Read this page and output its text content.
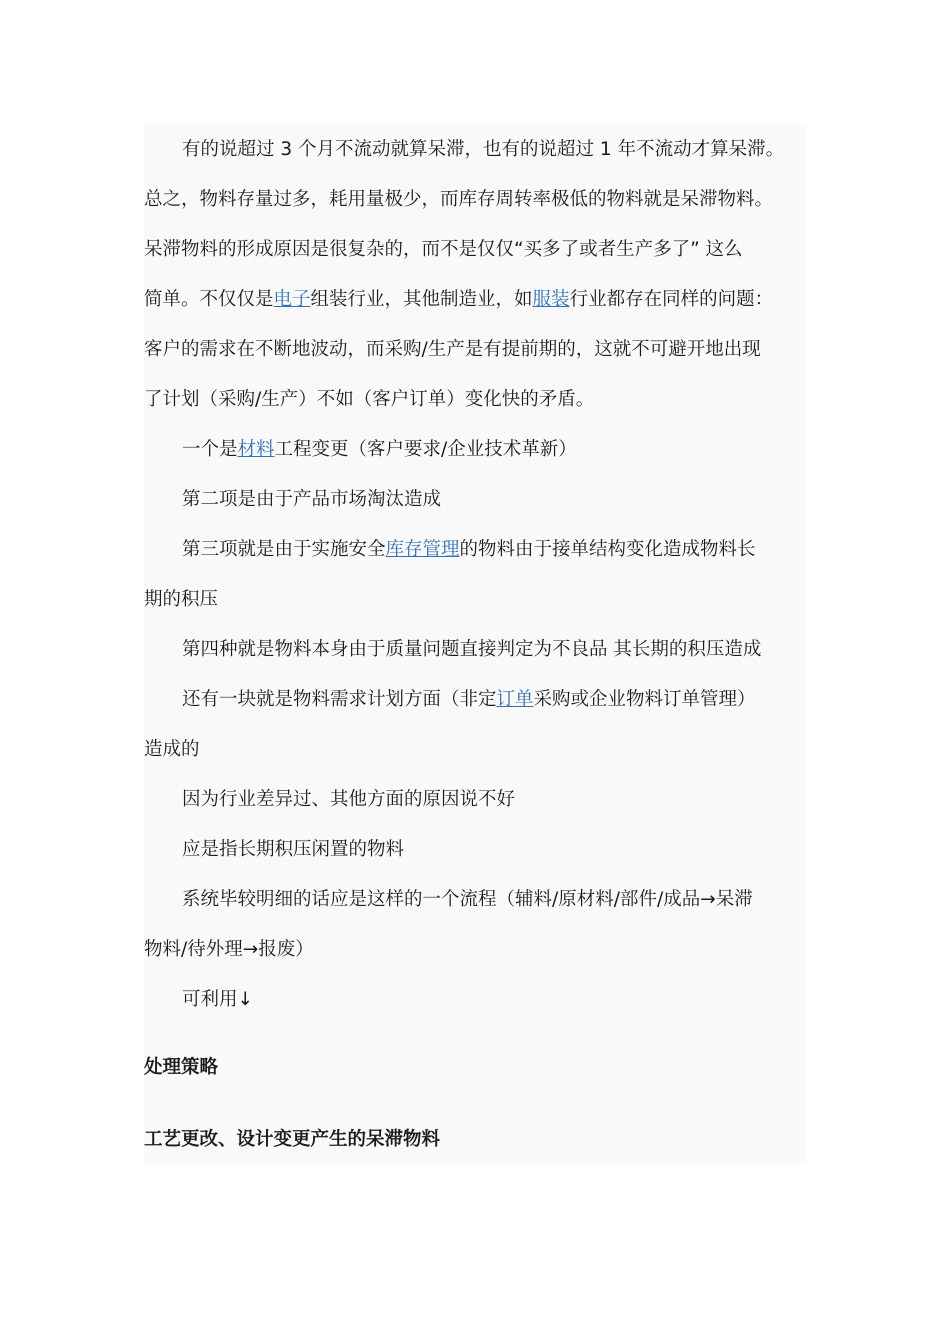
有的说超过 3 个月不流动就算呆滞，也有的说超过 1 年不流动才算呆滞。

总之，物料存量过多，耗用量极少，而库存周转率极低的物料就是呆滞物料。

呆滞物料的形成原因是很复杂的，而不是仅仅“买多了或者生产多了” 这么

简单。不仅仅是电子组装行业，其他制造业，如服装行业都存在同样的问题：

客户的需求在不断地波动，而采购/生产是有提前期的，这就不可避开地出现

了计划（采购/生产）不如（客户订单）变化快的矛盾。

一个是材料工程变更（客户要求/企业技术革新）

第二项是由于产品市场淘汰造成

第三项就是由于实施安全库存管理的物料由于接单结构变化造成物料长

期的积压

第四种就是物料本身由于质量问题直接判定为不良品 其长期的积压造成

还有一块就是物料需求计划方面（非定订单采购或企业物料订单管理）

造成的

因为行业差异过、其他方面的原因说不好

应是指长期积压闲置的物料

系统毕较明细的话应是这样的一个流程（辅料/原材料/部件/成品→呆滞

物料/待外理→报废）

可利用↓

处理策略
工艺更改、设计变更产生的呆滞物料
